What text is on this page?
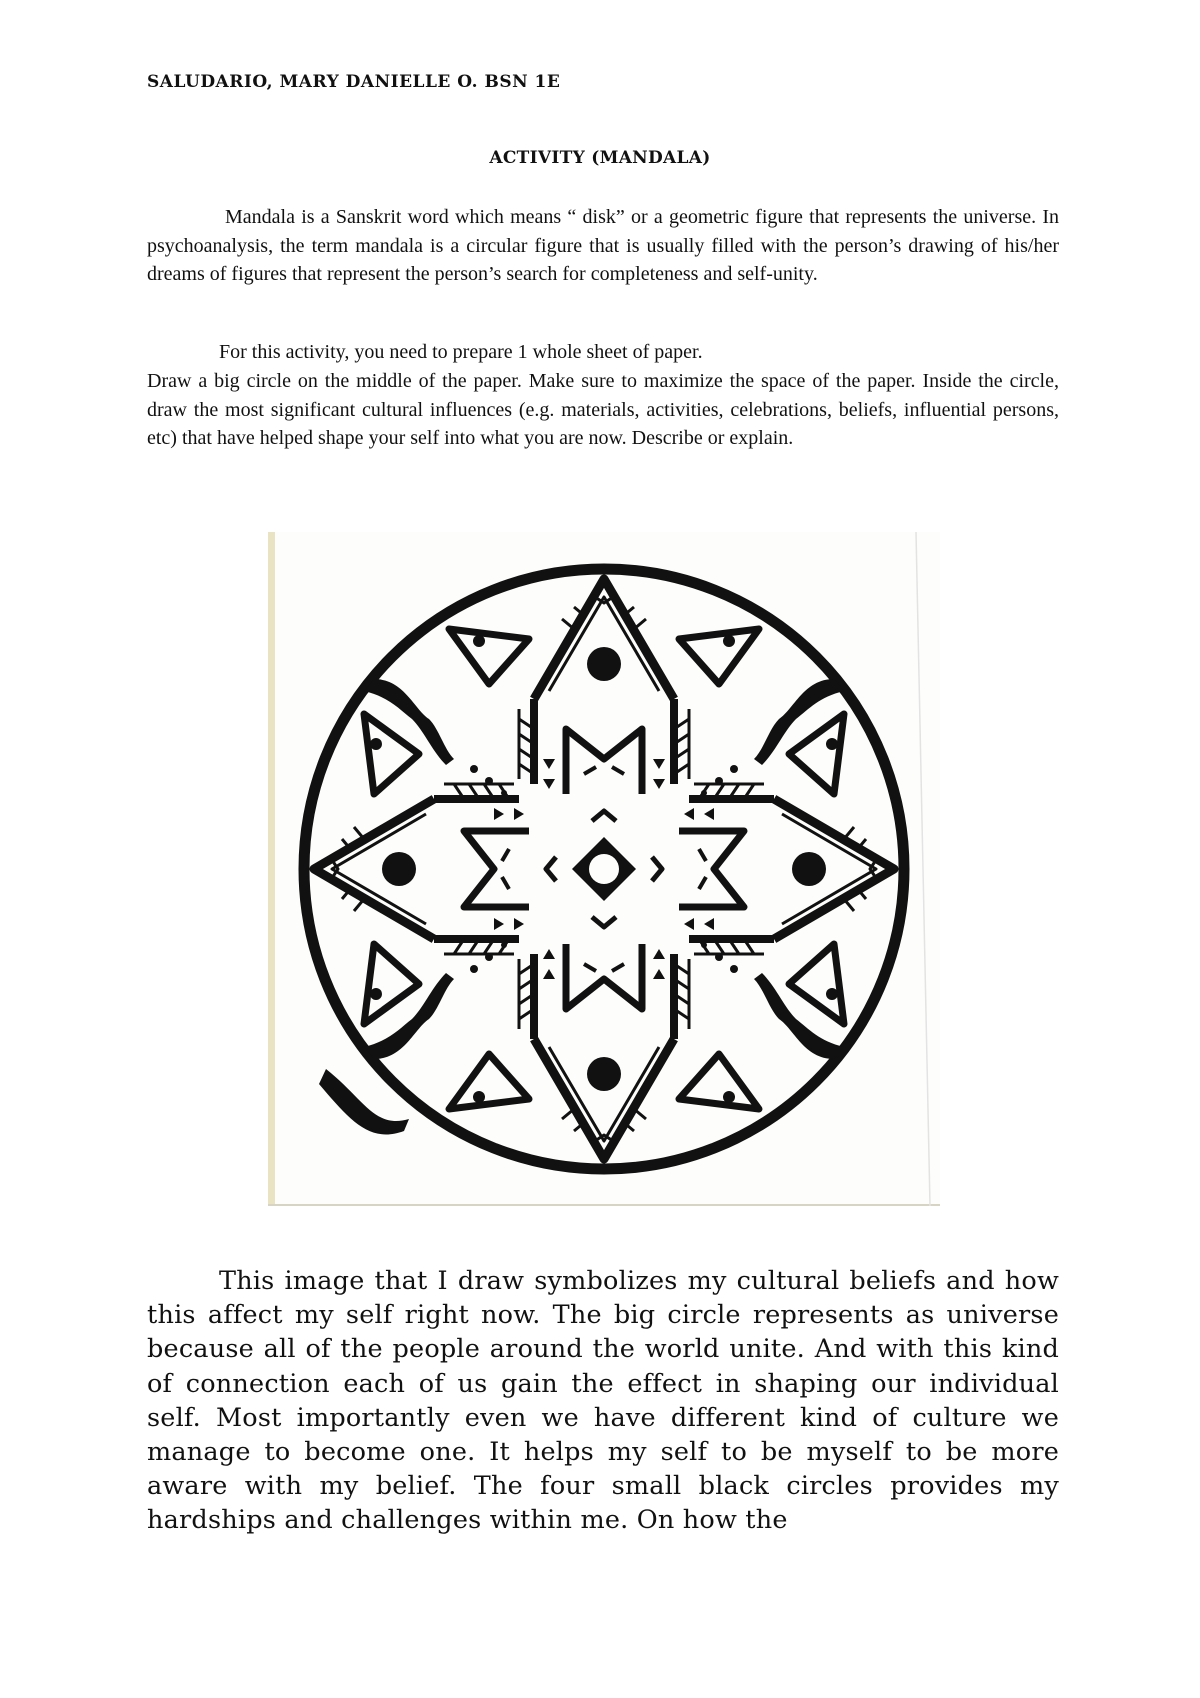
SALUDARIO, MARY DANIELLE O. BSN 1E
ACTIVITY (MANDALA)

Mandala is a Sanskrit word which means “ disk” or a geometric figure that represents the universe. In psychoanalysis, the term mandala is a circular figure that is usually filled with the person’s drawing of his/her dreams of figures that represent the person’s search for completeness and self-unity.

For this activity, you need to prepare 1 whole sheet of paper.

Draw a big circle on the middle of the paper. Make sure to maximize the space of the paper. Inside the circle, draw the most significant cultural influences (e.g. materials, activities, celebrations, beliefs, influential persons, etc) that have helped shape your self into what you are now. Describe or explain.

This image that I draw symbolizes my cultural beliefs and how this affect my self right now. The big circle represents as universe because all of the people around the world unite. And with this kind of connection each of us gain the effect in shaping our individual self. Most importantly even we have different kind of culture we manage to become one. It helps my self to be myself to be more aware with my belief. The four small black circles provides my hardships and challenges within me. On how the
